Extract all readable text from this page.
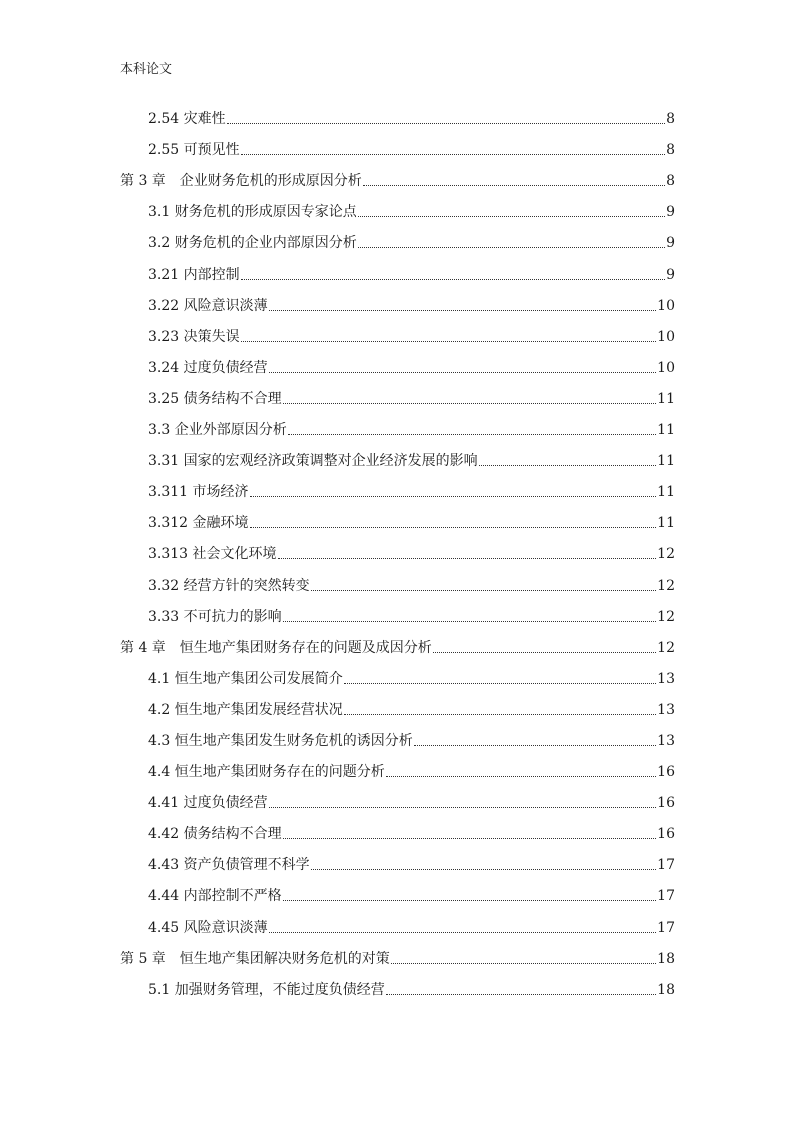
本科论文
2.54 灾难性	8
2.55 可预见性	8
第 3 章　企业财务危机的形成原因分析	8
3.1 财务危机的形成原因专家论点	9
3.2 财务危机的企业内部原因分析	9
3.21 内部控制	9
3.22 风险意识淡薄	10
3.23 决策失误	10
3.24 过度负债经营	10
3.25 债务结构不合理	11
3.3 企业外部原因分析	11
3.31 国家的宏观经济政策调整对企业经济发展的影响	11
3.311 市场经济	11
3.312 金融环境	11
3.313 社会文化环境	12
3.32 经营方针的突然转变	12
3.33 不可抗力的影响	12
第 4 章　恒生地产集团财务存在的问题及成因分析	12
4.1 恒生地产集团公司发展简介	13
4.2 恒生地产集团发展经营状况	13
4.3 恒生地产集团发生财务危机的诱因分析	13
4.4 恒生地产集团财务存在的问题分析	16
4.41 过度负债经营	16
4.42 债务结构不合理	16
4.43 资产负债管理不科学	17
4.44 内部控制不严格	17
4.45 风险意识淡薄	17
第 5 章　恒生地产集团解决财务危机的对策	18
5.1 加强财务管理，不能过度负债经营	18
